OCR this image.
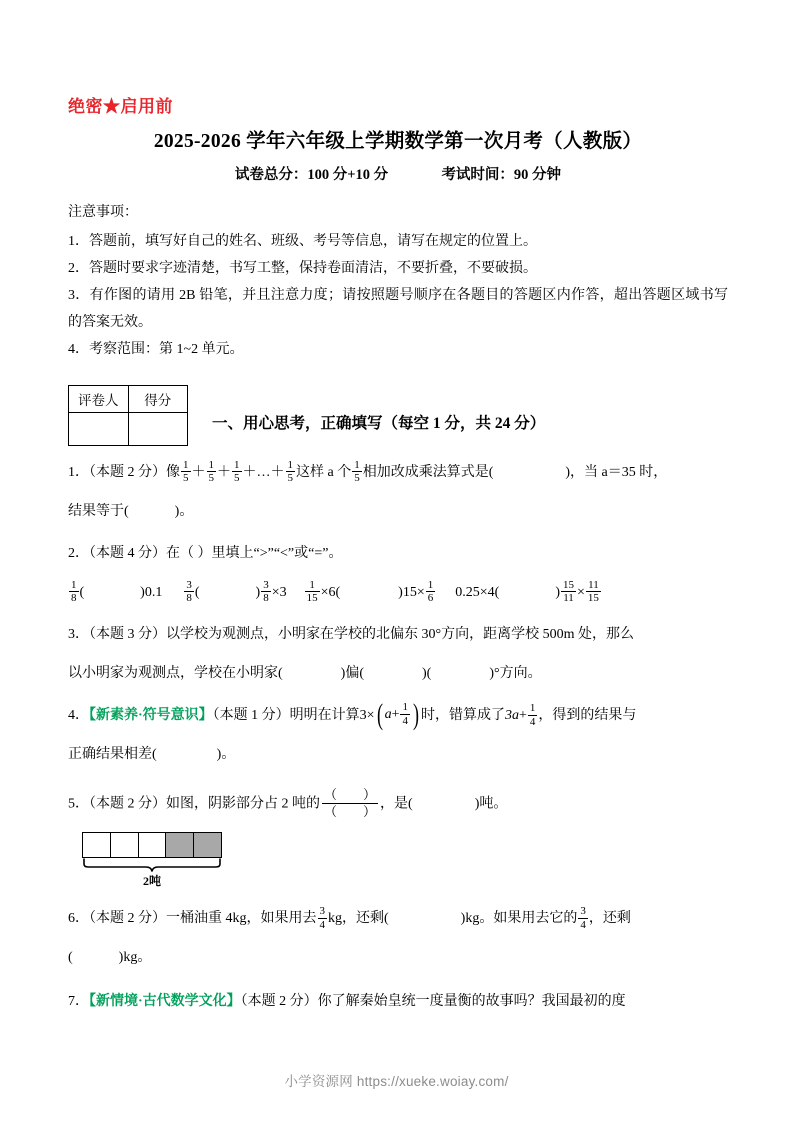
绝密★启用前
2025-2026 学年六年级上学期数学第一次月考（人教版）
试卷总分：100 分+10 分	考试时间：90 分钟
注意事项：
1．答题前，填写好自己的姓名、班级、考号等信息，请写在规定的位置上。
2．答题时要求字迹清楚，书写工整，保持卷面清洁，不要折叠，不要破损。
3．有作图的请用 2B 铅笔，并且注意力度；请按照题号顺序在各题目的答题区内作答，超出答题区域书写的答案无效。
4．考察范围：第 1~2 单元。
评卷人	得分

一、用心思考，正确填写（每空 1 分，共 24 分）
1．（本题 2 分）像 $\frac{1}{5} + \frac{1}{5} + \frac{1}{5}$ ＋…＋ $\frac{1}{5}$ 这样 a 个 $\frac{1}{5}$ 相加改成乘法算式是(	)，当 a＝35 时，
结果等于(	)。
2．（本题 4 分）在（ ）里填上“>”“<”或“=”。
$\frac{1}{8}$ (	)$0.1 \frac{3}{8}$ (	) $\frac{3}{8} \times 3 \frac{1}{15} \times 6$(	)$15\times \frac{1}{6} 0.25\times 4$(	) $\frac{15}{11} \times \frac{11}{15}$
3．（本题 3 分）以学校为观测点，小明家在学校的北偏东 30°方向，距离学校 500m 处，那么
以小明家为观测点，学校在小明家(	)偏(	)(	)°方向。
4．【新素养·符号意识】（本题 1 分）明明在计算3× ( $a + \frac{1}{4}$ ) 时，错算成了$3a+ \frac{1}{4}$ ，得到的结果与
正确结果相差(	)。
5．（本题 2 分）如图，阴影部分占 2 吨的 $\frac{( )}{( )}$ ，是(	)吨。
2吨
6．（本题 2 分）一桶油重 4kg，如果用去 $\frac{3}{4}$ kg，还剩(	)kg。如果用去它的 $\frac{3}{4}$ ，还剩
(	)kg。
7．【新情境·古代数学文化】（本题 2 分）你了解秦始皇统一度量衡的故事吗？我国最初的度
小学资源网 https://xueke.woiay.com/
